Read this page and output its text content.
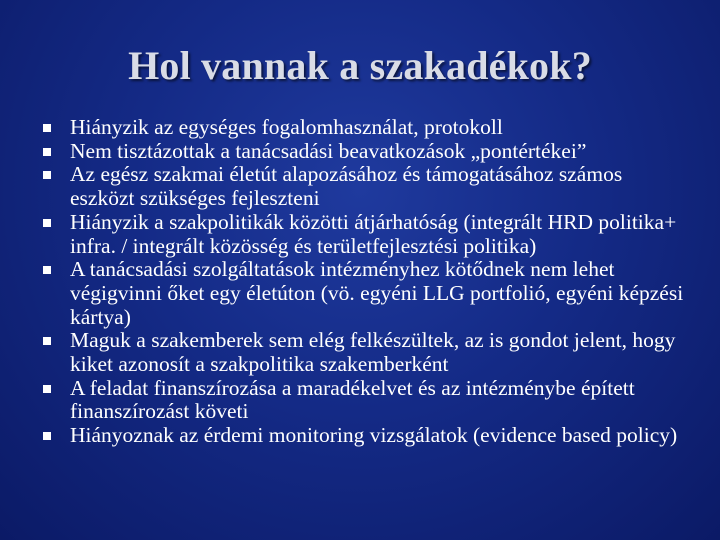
Hol vannak a szakadékok?
Hiányzik az egységes fogalomhasználat, protokoll
Nem tisztázottak a tanácsadási beavatkozások „pontértékei”
Az egész szakmai életút alapozásához és támogatásához számos eszközt szükséges fejleszteni
Hiányzik a szakpolitikák közötti átjárhatóság (integrált HRD politika+ infra. / integrált közösség és területfejlesztési politika)
A tanácsadási szolgáltatások intézményhez kötődnek nem lehet végigvinni őket egy életúton (vö. egyéni LLG portfolió, egyéni képzési kártya)
Maguk a szakemberek sem elég felkészültek, az is gondot jelent, hogy kiket azonosít a szakpolitika szakemberként
A feladat finanszírozása a maradékelvet és az intézménybe épített finanszírozást követi
Hiányoznak az érdemi monitoring vizsgálatok (evidence based policy)
